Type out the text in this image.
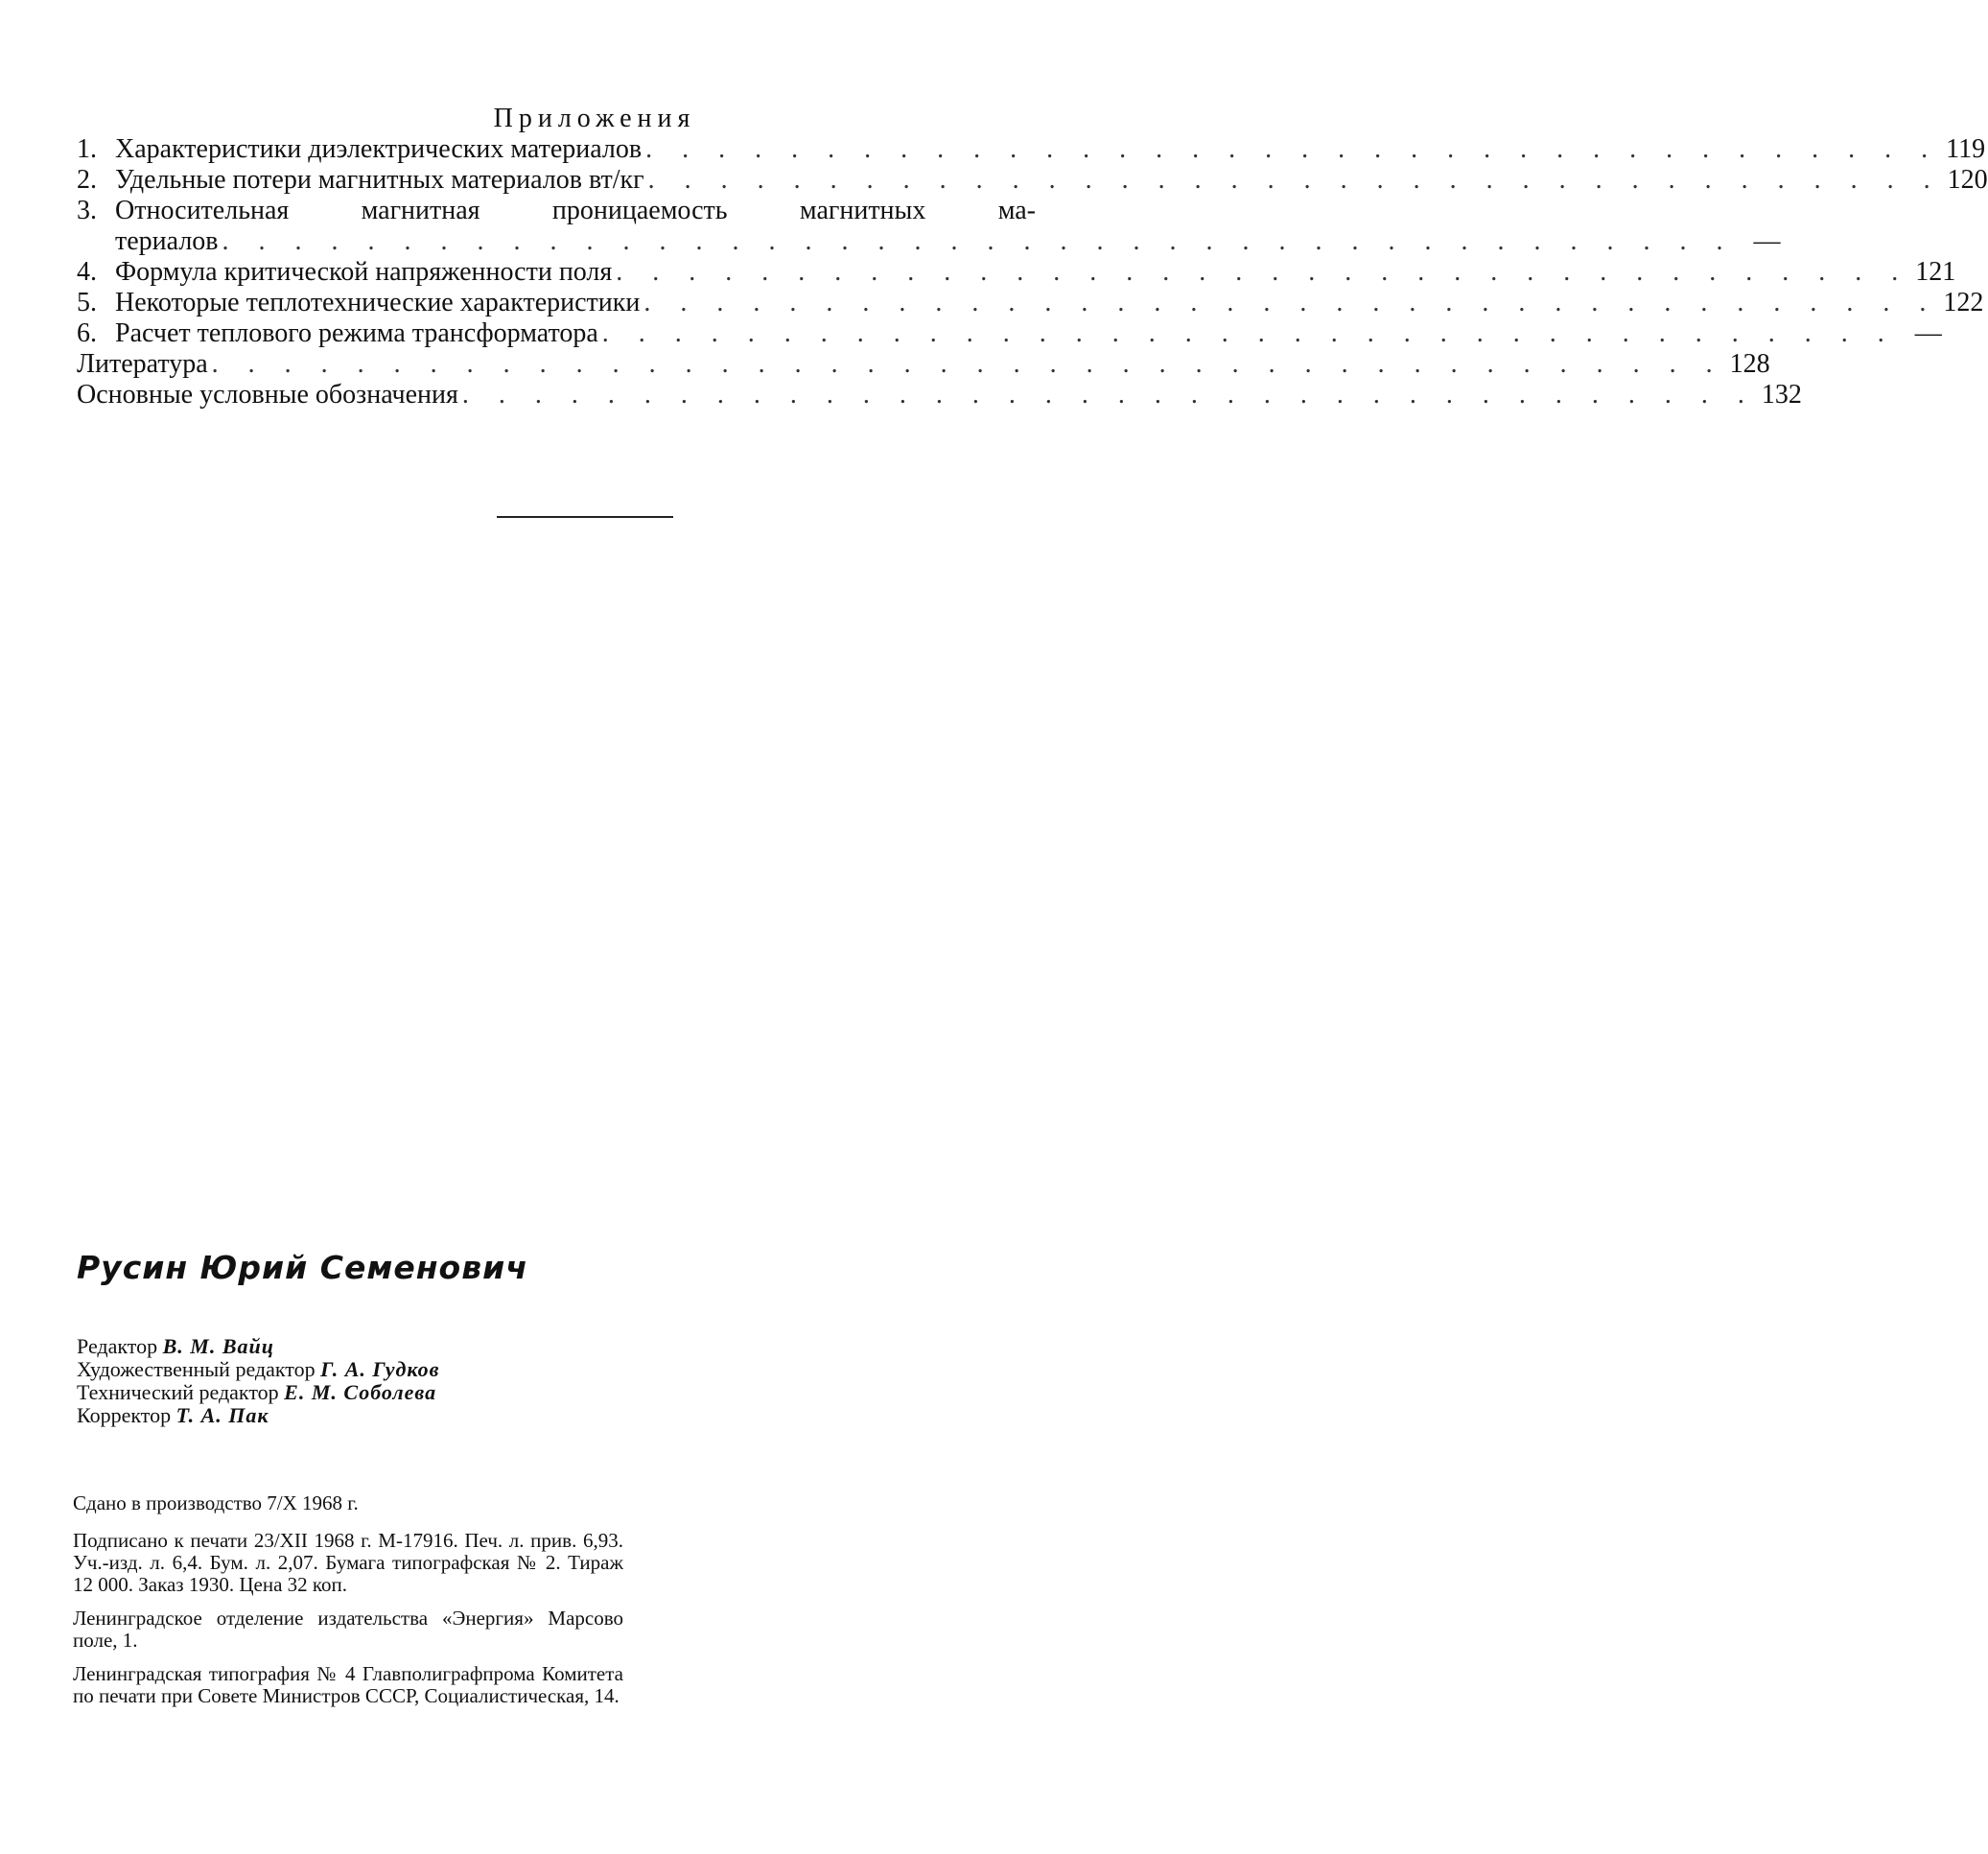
Приложения
1. Характеристики диэлектрических материалов . . . . . . . . . . . . . . . . . . . . . . . . . . . . . . . . . . . . 119
2. Удельные потери магнитных материалов вт/кг . . . . . . . . . . . . . . . . . . . . . . . . . . . . . . . . . . . . 120
3. Относительная магнитная проницаемость магнитных ма-
териалов . . . . . . . . . . . . . . . . . . . . . . . . . . . . . . . . . . . . . . . . . . —
4. Формула критической напряженности поля . . . . . . . . . . . . . . . . . . . . . . . . . . . . . . . . . . . . 121
5. Некоторые теплотехнические характеристики . . . . . . . . . . . . . . . . . . . . . . . . . . . . . . . . . . . . 122
6. Расчет теплового режима трансформатора . . . . . . . . . . . . . . . . . . . . . . . . . . . . . . . . . . . . —
Литература . . . . . . . . . . . . . . . . . . . . . . . . . . . . . . . . . . . . . . . . . . 128
Основные условные обозначения . . . . . . . . . . . . . . . . . . . . . . . . . . . . . . . . . . . . 132
Русин Юрий Семенович
Редактор В. М. Вайц
Художественный редактор Г. А. Гудков
Технический редактор Е. М. Соболева
Корректор Т. А. Пак

Сдано в производство 7/X 1968 г.

Подписано к печати 23/XII 1968 г. М-17916. Печ. л. прив. 6,93. Уч.-изд. л. 6,4. Бум. л. 2,07. Бумага типографская № 2. Тираж 12 000. Заказ 1930. Цена 32 коп.

Ленинградское отделение издательства «Энергия» Марсово поле, 1.

Ленинградская типография № 4 Главполиграфпрома Комитета по печати при Совете Министров СССР, Социалистическая, 14.
